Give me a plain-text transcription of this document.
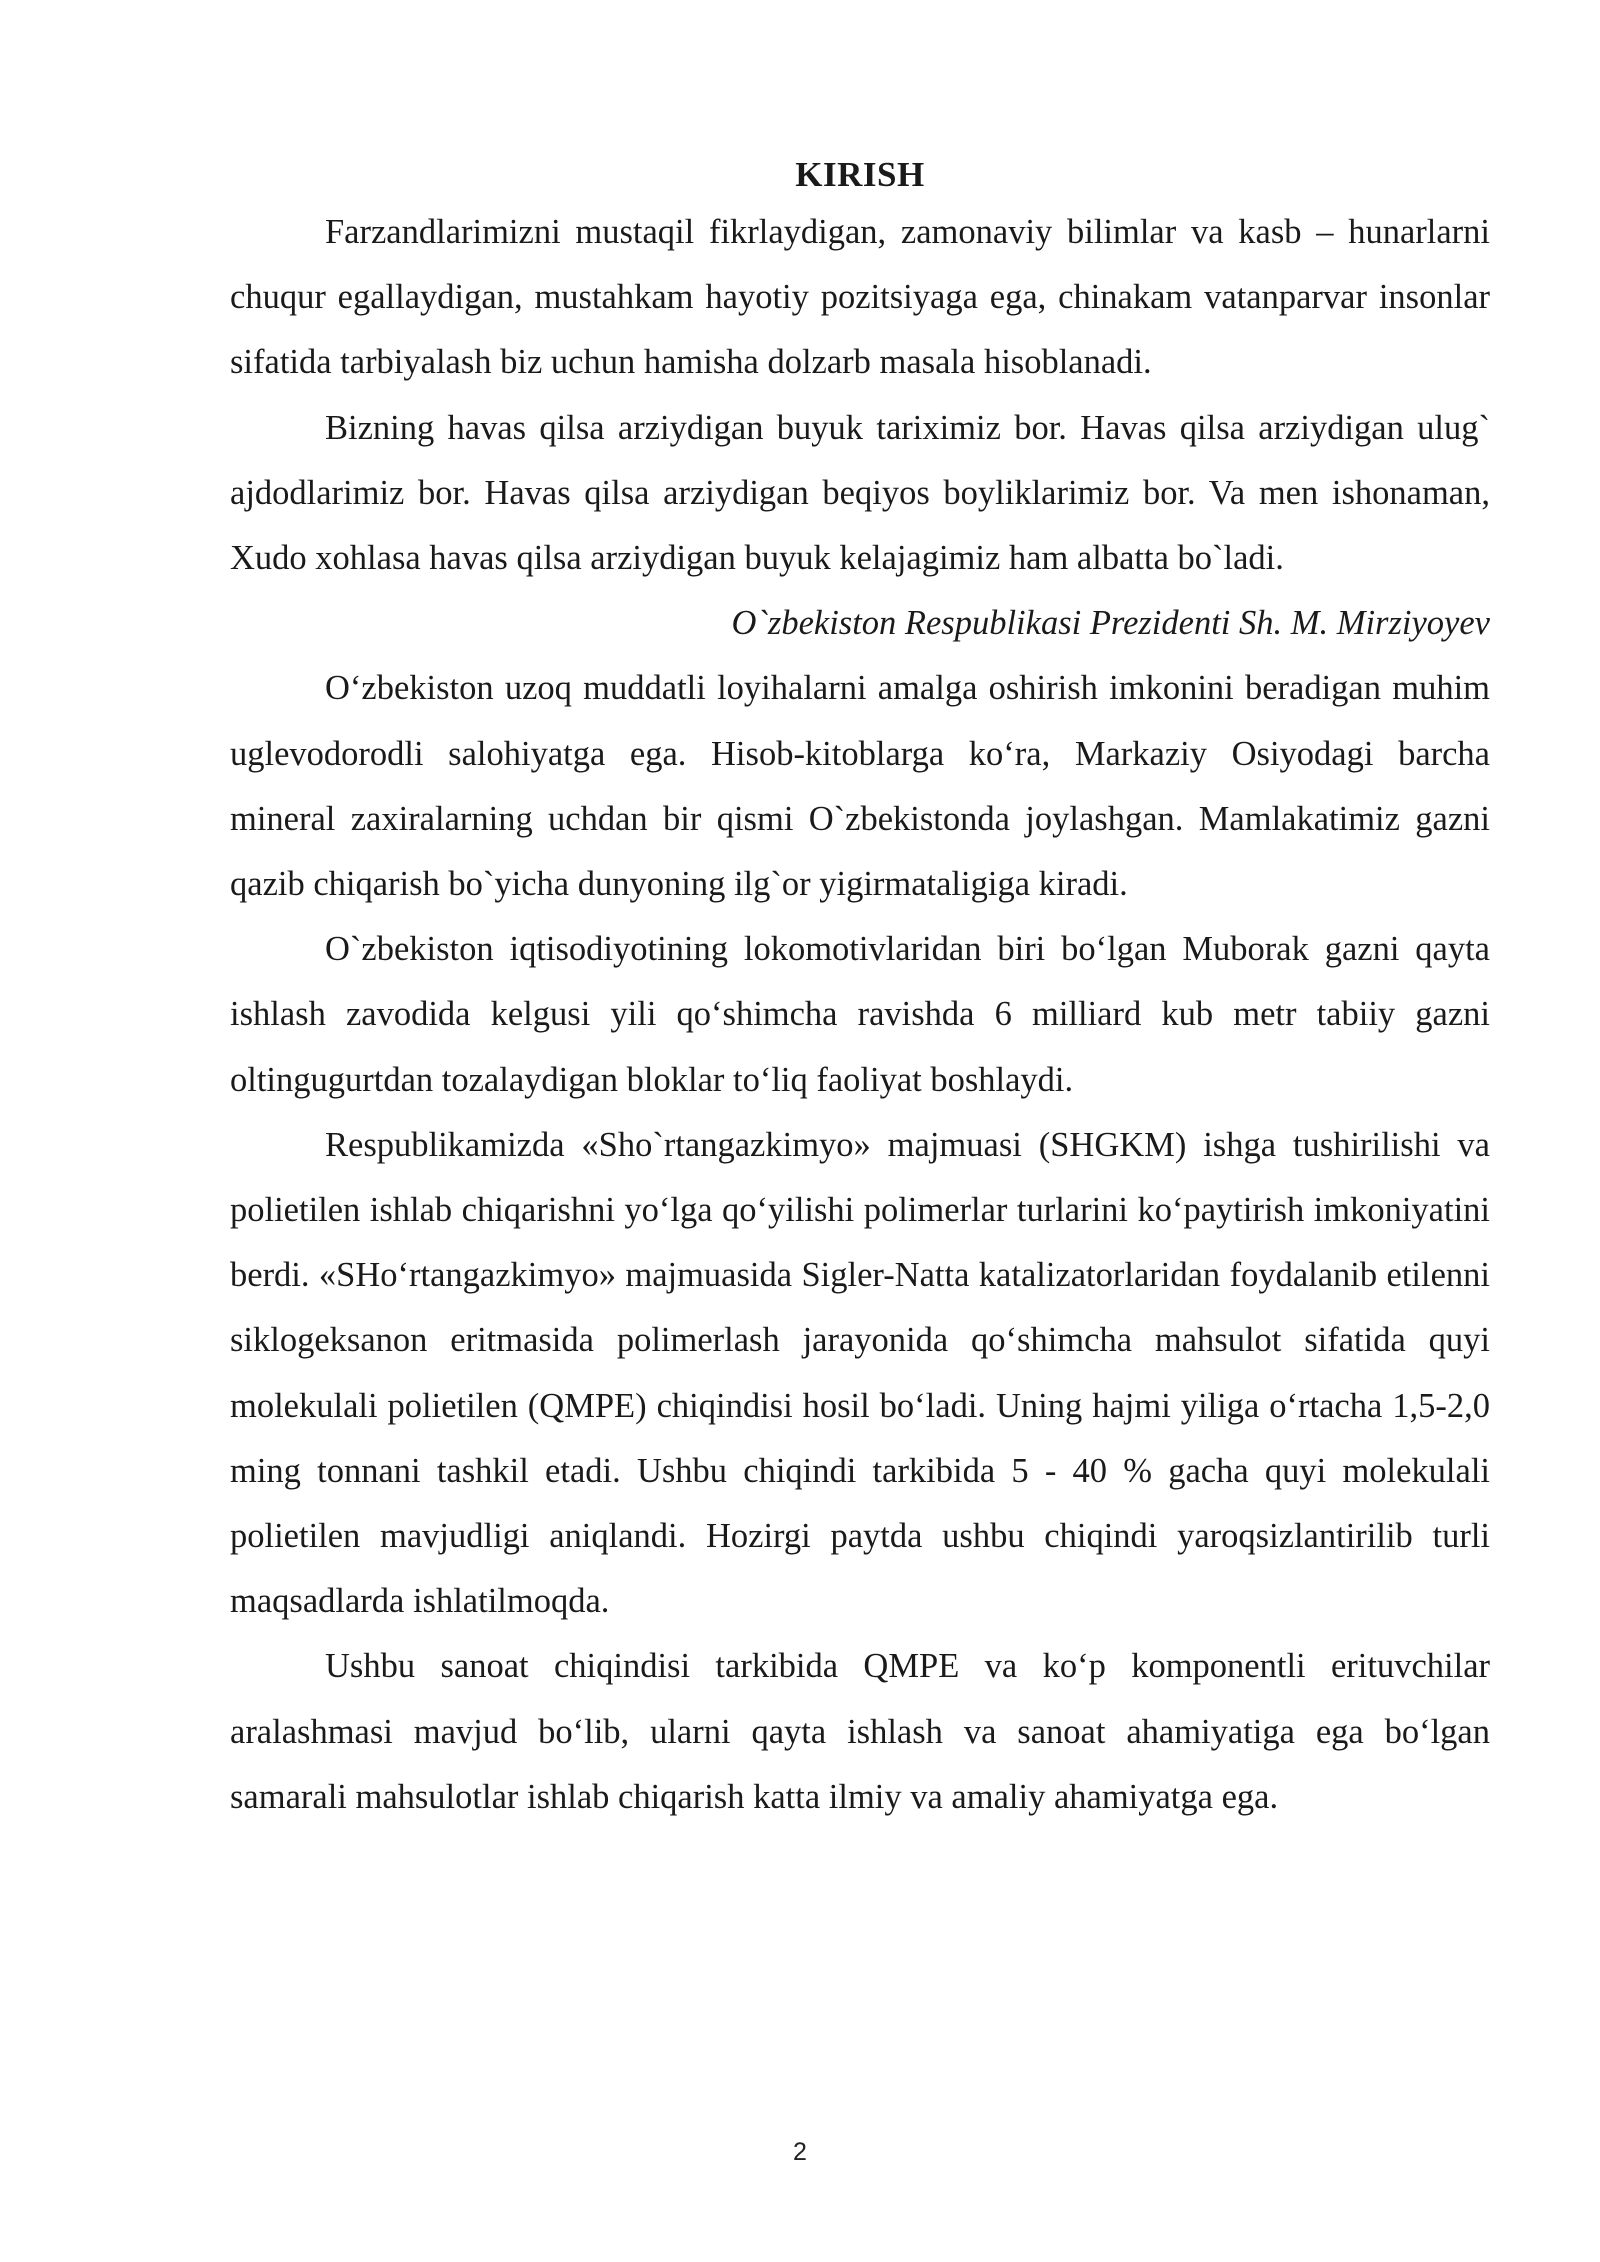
KIRISH

Farzandlarimizni mustaqil fikrlaydigan, zamonaviy bilimlar va kasb – hunarlarni chuqur egallaydigan, mustahkam hayotiy pozitsiyaga ega, chinakam vatanparvar insonlar sifatida tarbiyalash biz uchun hamisha dolzarb masala hisoblanadi.

Bizning havas qilsa arziydigan buyuk tariximiz bor. Havas qilsa arziydigan ulug` ajdodlarimiz bor. Havas qilsa arziydigan beqiyos boyliklarimiz bor. Va men ishonaman, Xudo xohlasa havas qilsa arziydigan buyuk kelajagimiz ham albatta bo`ladi.

O`zbekiston Respublikasi Prezidenti Sh. M. Mirziyoyev

O‘zbekiston uzoq muddatli loyihalarni amalga oshirish imkonini beradigan muhim uglevodorodli salohiyatga ega. Hisob-kitoblarga ko‘ra, Markaziy Osiyodagi barcha mineral zaxiralarning uchdan bir qismi O`zbekistonda joylashgan. Mamlakatimiz gazni qazib chiqarish bo`yicha dunyoning ilg`or yigirmataligiga kiradi.

O`zbekiston iqtisodiyotining lokomotivlaridan biri bo‘lgan Muborak gazni qayta ishlash zavodida kelgusi yili qo‘shimcha ravishda 6 milliard kub metr tabiiy gazni oltingugurtdan tozalaydigan bloklar to‘liq faoliyat boshlaydi.

Respublikamizda «Sho`rtangazkimyo» majmuasi (SHGKM) ishga tushirilishi va polietilen ishlab chiqarishni yo‘lga qo‘yilishi polimerlar turlarini ko‘paytirish imkoniyatini berdi. «SHo‘rtangazkimyo» majmuasida Sigler-Natta katalizatorlaridan foydalanib etilenni siklogeksanon eritmasida polimerlash jarayonida qo‘shimcha mahsulot sifatida quyi molekulali polietilen (QMPE) chiqindisi hosil bo‘ladi. Uning hajmi yiliga o‘rtacha 1,5-2,0 ming tonnani tashkil etadi. Ushbu chiqindi tarkibida 5 - 40 % gacha quyi molekulali polietilen mavjudligi aniqlandi. Hozirgi paytda ushbu chiqindi yaroqsizlantirilib turli maqsadlarda ishlatilmoqda.

Ushbu sanoat chiqindisi tarkibida QMPE va ko‘p komponentli erituvchilar aralashmasi mavjud bo‘lib, ularni qayta ishlash va sanoat ahamiyatiga ega bo‘lgan samarali mahsulotlar ishlab chiqarish katta ilmiy va amaliy ahamiyatga ega.

2
